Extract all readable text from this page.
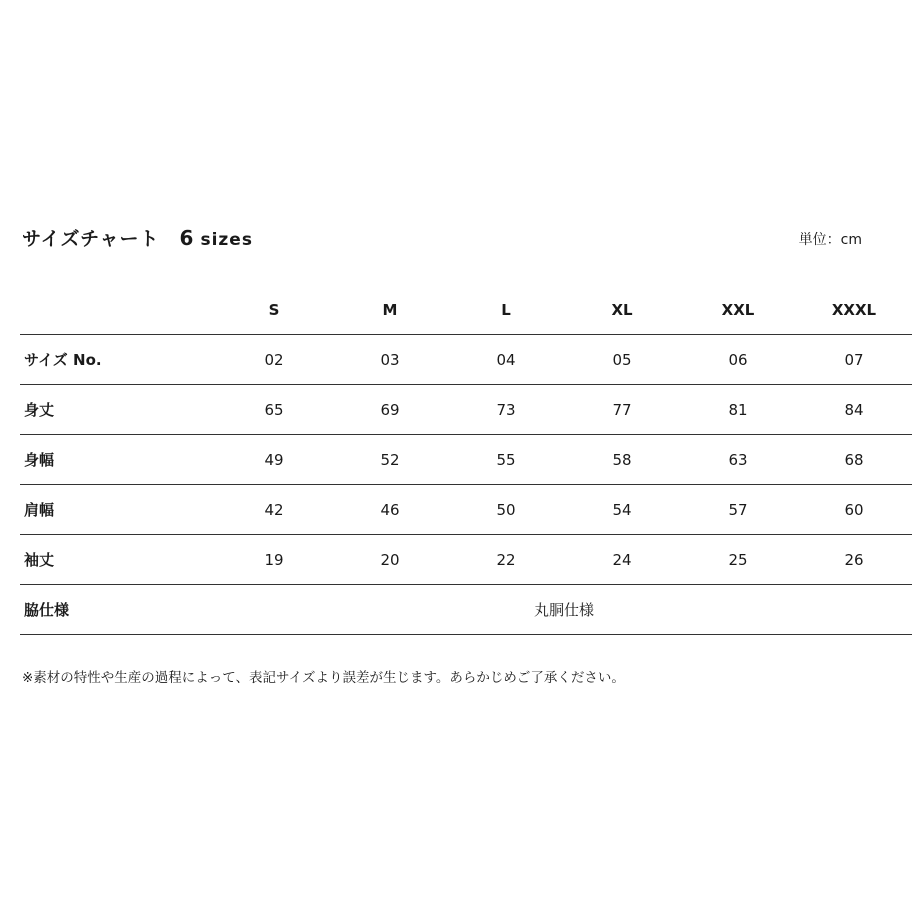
サイズチャート 6 sizes	単位：cm
	S	M	L	XL	XXL	XXXL
サイズ No.	02	03	04	05	06	07
身丈	65	69	73	77	81	84
身幅	49	52	55	58	63	68
肩幅	42	46	50	54	57	60
袖丈	19	20	22	24	25	26
脇仕様	丸胴仕様					
※素材の特性や生産の過程によって、表記サイズより誤差が生じます。あらかじめご了承ください。
